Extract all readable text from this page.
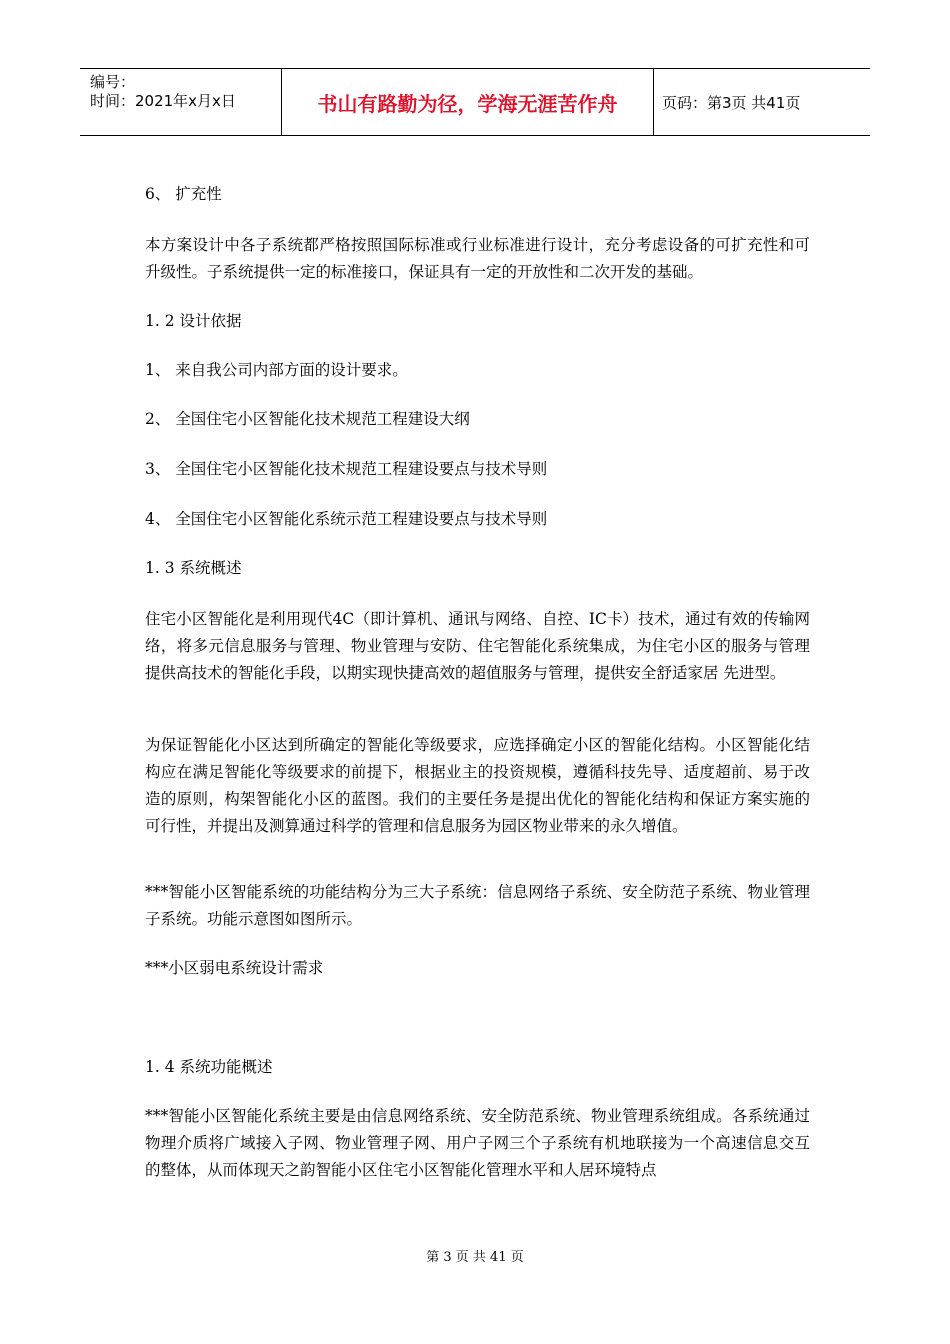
编号：
时间：2021年x月x日	书山有路勤为径，学海无涯苦作舟	页码：第3页 共41页
6、 扩充性
本方案设计中各子系统都严格按照国际标准或行业标准进行设计，充分考虑设备的可扩充性和可升级性。子系统提供一定的标准接口，保证具有一定的开放性和二次开发的基础。
1. 2 设计依据
1、 来自我公司内部方面的设计要求。
2、 全国住宅小区智能化技术规范工程建设大纲
3、 全国住宅小区智能化技术规范工程建设要点与技术导则
4、 全国住宅小区智能化系统示范工程建设要点与技术导则
1. 3 系统概述
住宅小区智能化是利用现代4C（即计算机、通讯与网络、自控、IC卡）技术，通过有效的传输网络，将多元信息服务与管理、物业管理与安防、住宅智能化系统集成，为住宅小区的服务与管理提供高技术的智能化手段，以期实现快捷高效的超值服务与管理，提供安全舒适家居 先进型。
为保证智能化小区达到所确定的智能化等级要求，应选择确定小区的智能化结构。小区智能化结构应在满足智能化等级要求的前提下，根据业主的投资规模，遵循科技先导、适度超前、易于改造的原则，构架智能化小区的蓝图。我们的主要任务是提出优化的智能化结构和保证方案实施的可行性，并提出及测算通过科学的管理和信息服务为园区物业带来的永久增值。
***智能小区智能系统的功能结构分为三大子系统：信息网络子系统、安全防范子系统、物业管理子系统。功能示意图如图所示。
***小区弱电系统设计需求
1. 4 系统功能概述
***智能小区智能化系统主要是由信息网络系统、安全防范系统、物业管理系统组成。各系统通过物理介质将广域接入子网、物业管理子网、用户子网三个子系统有机地联接为一个高速信息交互的整体，从而体现天之韵智能小区住宅小区智能化管理水平和人居环境特点
第 3 页 共 41 页
